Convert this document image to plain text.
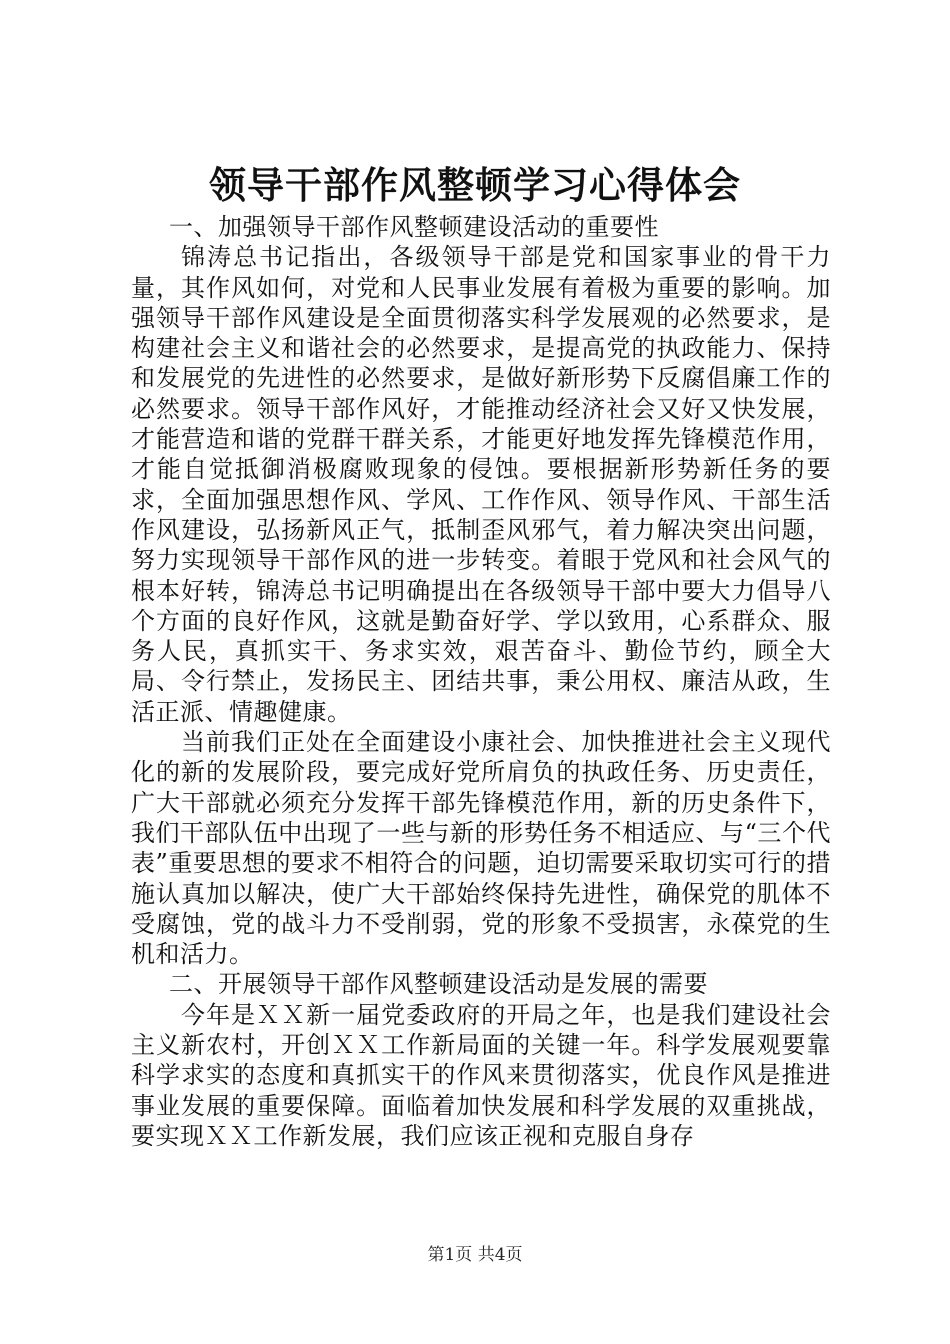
领导干部作风整顿学习心得体会

一、加强领导干部作风整顿建设活动的重要性

锦涛总书记指出，各级领导干部是党和国家事业的骨干力量，其作风如何，对党和人民事业发展有着极为重要的影响。加强领导干部作风建设是全面贯彻落实科学发展观的必然要求，是构建社会主义和谐社会的必然要求，是提高党的执政能力、保持和发展党的先进性的必然要求，是做好新形势下反腐倡廉工作的必然要求。领导干部作风好，才能推动经济社会又好又快发展，才能营造和谐的党群干群关系，才能更好地发挥先锋模范作用，才能自觉抵御消极腐败现象的侵蚀。要根据新形势新任务的要求，全面加强思想作风、学风、工作作风、领导作风、干部生活作风建设，弘扬新风正气，抵制歪风邪气，着力解决突出问题，努力实现领导干部作风的进一步转变。着眼于党风和社会风气的根本好转，锦涛总书记明确提出在各级领导干部中要大力倡导八个方面的良好作风，这就是勤奋好学、学以致用，心系群众、服务人民，真抓实干、务求实效，艰苦奋斗、勤俭节约，顾全大局、令行禁止，发扬民主、团结共事，秉公用权、廉洁从政，生活正派、情趣健康。

当前我们正处在全面建设小康社会、加快推进社会主义现代化的新的发展阶段，要完成好党所肩负的执政任务、历史责任，广大干部就必须充分发挥干部先锋模范作用，新的历史条件下，我们干部队伍中出现了一些与新的形势任务不相适应、与“三个代表”重要思想的要求不相符合的问题，迫切需要采取切实可行的措施认真加以解决，使广大干部始终保持先进性，确保党的肌体不受腐蚀，党的战斗力不受削弱，党的形象不受损害，永葆党的生机和活力。

二、开展领导干部作风整顿建设活动是发展的需要

今年是ＸＸ新一届党委政府的开局之年，也是我们建设社会主义新农村，开创ＸＸ工作新局面的关键一年。科学发展观要靠科学求实的态度和真抓实干的作风来贯彻落实，优良作风是推进事业发展的重要保障。面临着加快发展和科学发展的双重挑战，要实现ＸＸ工作新发展，我们应该正视和克服自身存

第1页 共4页
